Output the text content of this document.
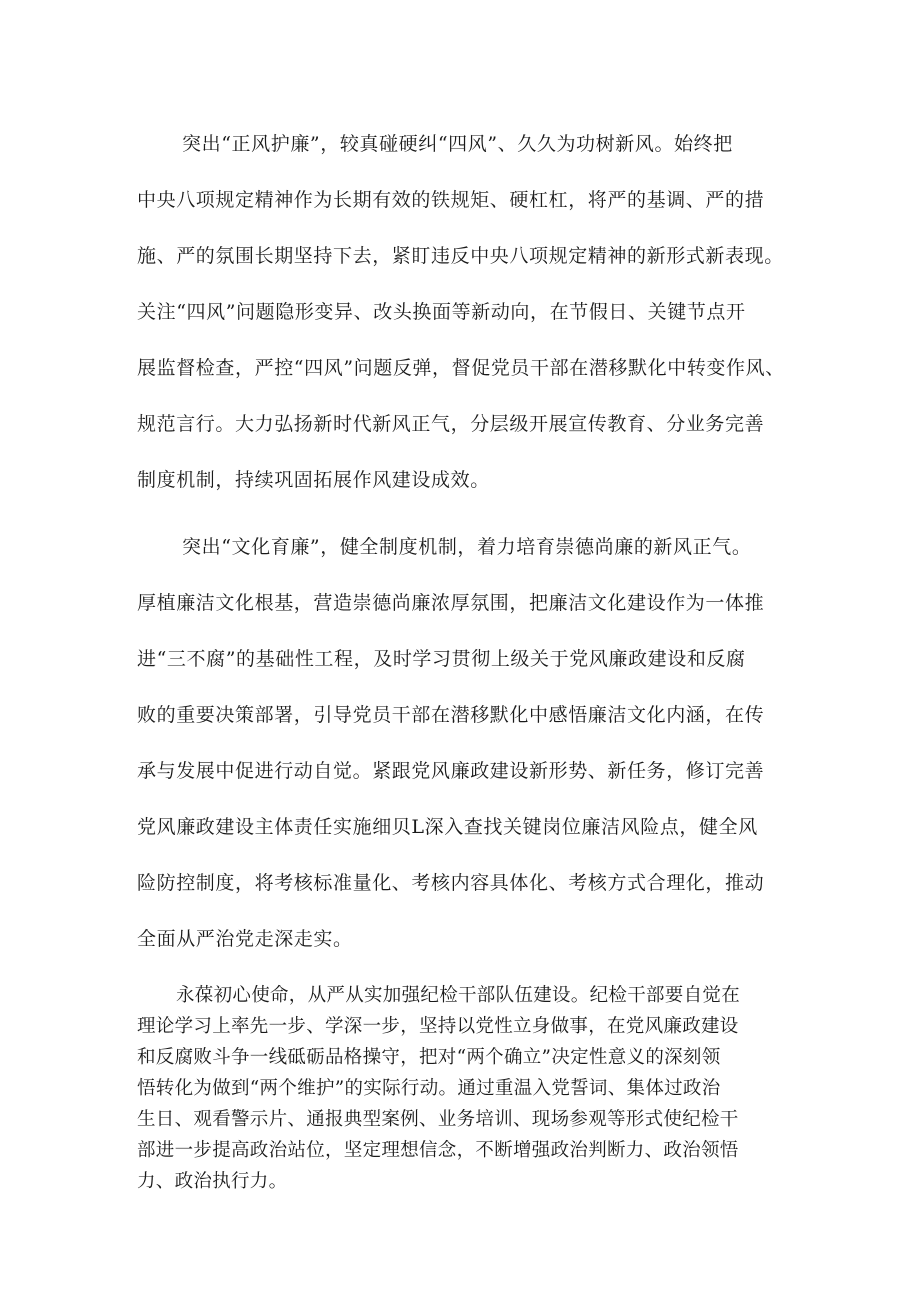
突出“正风护廉”，较真碰硬纠“四风”、久久为功树新风。始终把
中央八项规定精神作为长期有效的铁规矩、硬杠杠，将严的基调、严的措
施、严的氛围长期坚持下去，紧盯违反中央八项规定精神的新形式新表现。
关注“四风”问题隐形变异、改头换面等新动向，在节假日、关键节点开
展监督检查，严控“四风”问题反弹，督促党员干部在潜移默化中转变作风、
规范言行。大力弘扬新时代新风正气，分层级开展宣传教育、分业务完善
制度机制，持续巩固拓展作风建设成效。
突出“文化育廉”，健全制度机制，着力培育崇德尚廉的新风正气。
厚植廉洁文化根基，营造崇德尚廉浓厚氛围，把廉洁文化建设作为一体推
进“三不腐”的基础性工程，及时学习贯彻上级关于党风廉政建设和反腐
败的重要决策部署，引导党员干部在潜移默化中感悟廉洁文化内涵，在传
承与发展中促进行动自觉。紧跟党风廉政建设新形势、新任务，修订完善
党风廉政建设主体责任实施细贝L深入查找关键岗位廉洁风险点，健全风
险防控制度，将考核标准量化、考核内容具体化、考核方式合理化，推动
全面从严治党走深走实。
永葆初心使命，从严从实加强纪检干部队伍建设。纪检干部要自觉在
理论学习上率先一步、学深一步，坚持以党性立身做事，在党风廉政建设
和反腐败斗争一线砥砺品格操守，把对“两个确立”决定性意义的深刻领
悟转化为做到“两个维护”的实际行动。通过重温入党誓词、集体过政治
生日、观看警示片、通报典型案例、业务培训、现场参观等形式使纪检干
部进一步提高政治站位，坚定理想信念，不断增强政治判断力、政治领悟
力、政治执行力。
